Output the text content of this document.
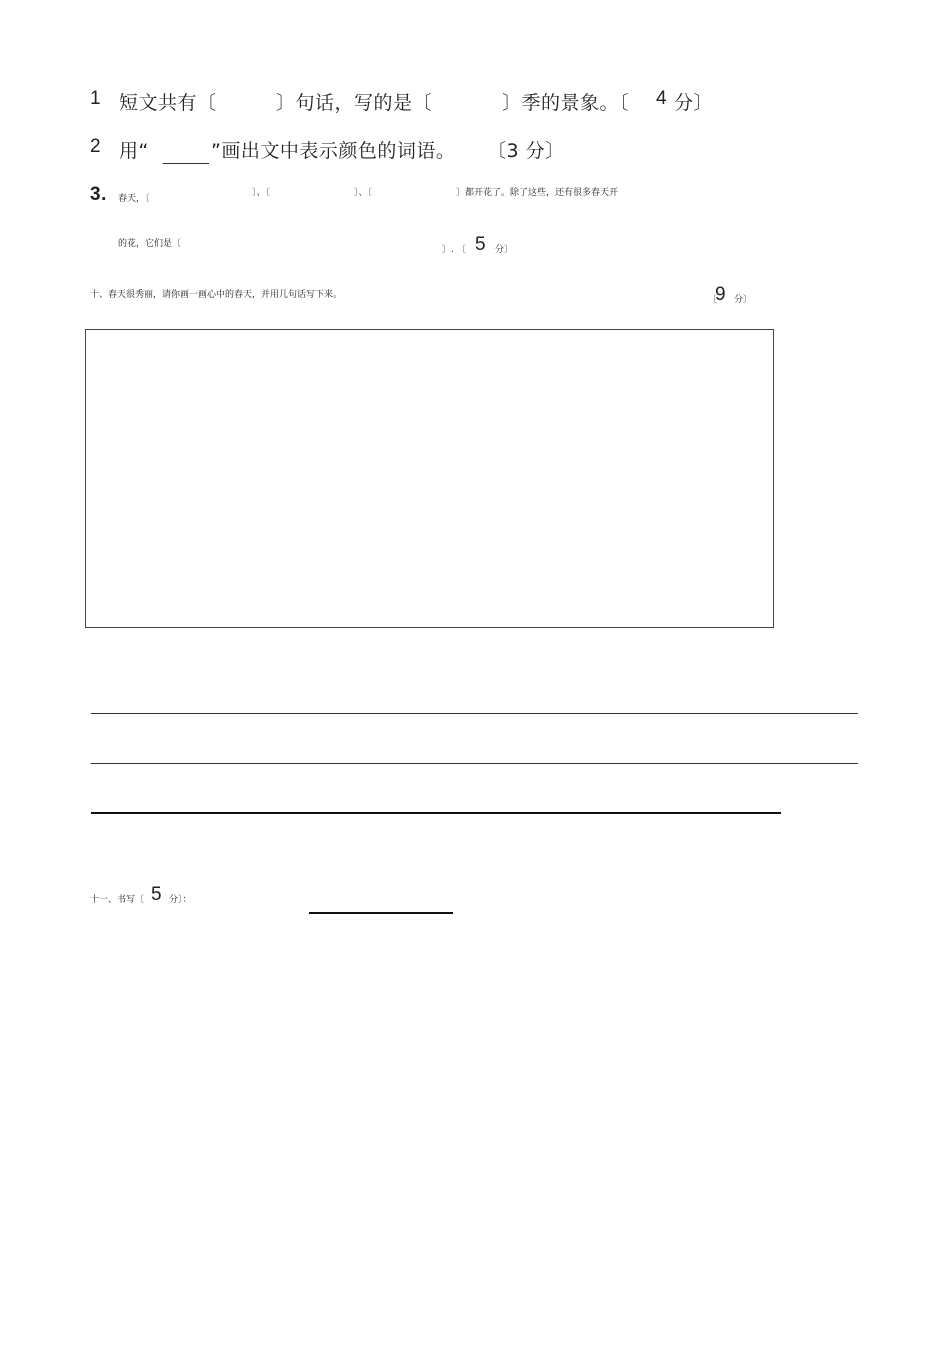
1 短文共有〔	〕句话，写的是〔	〕季的景象。〔 4 分〕
2 用“	”画出文中表示颜色的词语。 〔3 分〕
3. 春天，〔
〕、〔	〕、〔	〕都开花了。除了这些，还有很多春天开
的花，它们是〔
〕. 〔 5 分〕
十、春天很秀丽，请你画一画心中的春天，并用几句话写下来。	〔
9 分〕
十一、书写〔 5 分〕：
